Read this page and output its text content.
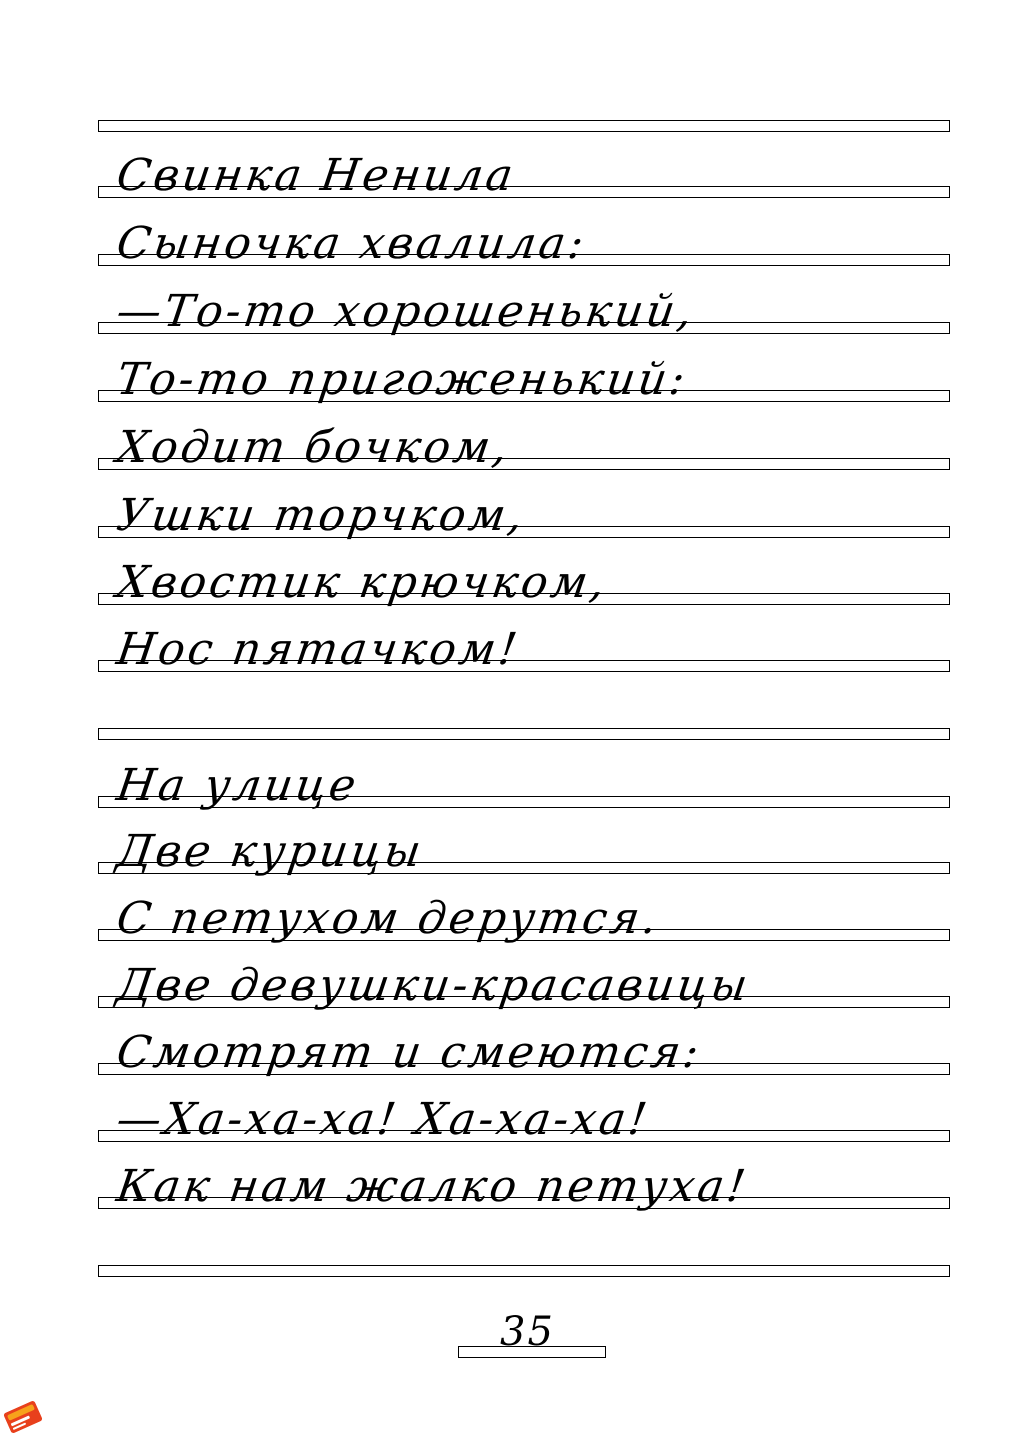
Свинка Ненила
Сыночка хвалила:
—То-то хорошенький,
То-то пригоженький:
Ходит бочком,
Ушки торчком,
Хвостик крючком,
Нос пятачком!
На улице
Две курицы
С петухом дерутся.
Две девушки-красавицы
Смотрят и смеются:
—Ха-ха-ха! Ха-ха-ха!
Как нам жалко петуха!
35
